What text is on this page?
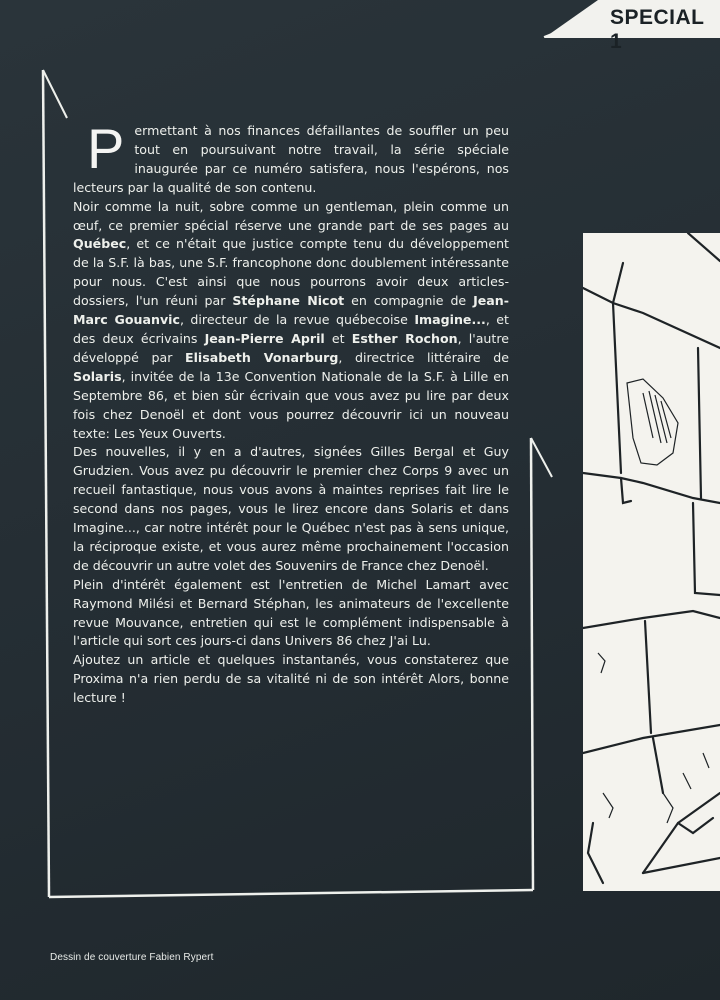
SPECIAL 1

Permettant à nos finances défaillantes de souffler un peu tout en poursuivant notre travail, la série spéciale inaugurée par ce numéro satisfera, nous l'espérons, nos lecteurs par la qualité de son contenu.

Noir comme la nuit, sobre comme un gentleman, plein comme un œuf, ce premier spécial réserve une grande part de ses pages au Québec, et ce n'était que justice compte tenu du développement de la S.F. là bas, une S.F. francophone donc doublement intéressante pour nous. C'est ainsi que nous pourrons avoir deux articles-dossiers, l'un réuni par Stéphane Nicot en compagnie de Jean-Marc Gouanvic, directeur de la revue québecoise Imagine..., et des deux écrivains Jean-Pierre April et Esther Rochon, l'autre développé par Elisabeth Vonarburg, directrice littéraire de Solaris, invitée de la 13e Convention Nationale de la S.F. à Lille en Septembre 86, et bien sûr écrivain que vous avez pu lire par deux fois chez Denoël et dont vous pourrez découvrir ici un nouveau texte: Les Yeux Ouverts.

Des nouvelles, il y en a d'autres, signées Gilles Bergal et Guy Grudzien. Vous avez pu découvrir le premier chez Corps 9 avec un recueil fantastique, nous vous avons à maintes reprises fait lire le second dans nos pages, vous le lirez encore dans Solaris et dans Imagine..., car notre intérêt pour le Québec n'est pas à sens unique, la réciproque existe, et vous aurez même prochainement l'occasion de découvrir un autre volet des Souvenirs de France chez Denoël.

Plein d'intérêt également est l'entretien de Michel Lamart avec Raymond Milési et Bernard Stéphan, les animateurs de l'excellente revue Mouvance, entretien qui est le complément indispensable à l'article qui sort ces jours-ci dans Univers 86 chez J'ai Lu.

Ajoutez un article et quelques instantanés, vous constaterez que Proxima n'a rien perdu de sa vitalité ni de son intérêt Alors, bonne lecture !

Dessin de couverture Fabien Rypert
